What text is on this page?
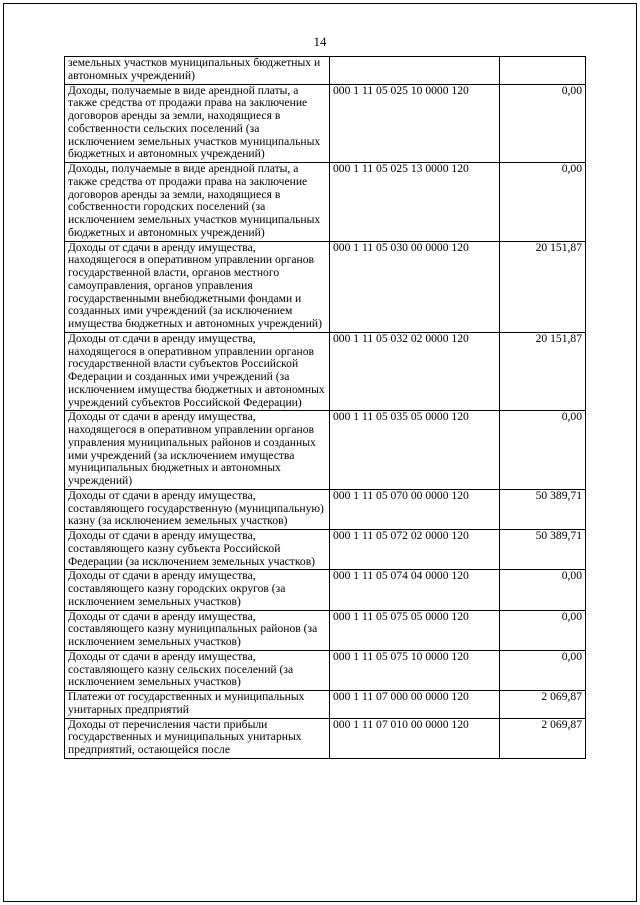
14
земельных участков муниципальных бюджетных и автономных учреждений)		
Доходы, получаемые в виде арендной платы, а также средства от продажи права на заключение договоров аренды за земли, находящиеся в собственности сельских поселений (за исключением земельных участков муниципальных бюджетных и автономных учреждений)	000 1 11 05 025 10 0000 120	0,00
Доходы, получаемые в виде арендной платы, а также средства от продажи права на заключение договоров аренды за земли, находящиеся в собственности городских поселений (за исключением земельных участков муниципальных бюджетных и автономных учреждений)	000 1 11 05 025 13 0000 120	0,00
Доходы от сдачи в аренду имущества, находящегося в оперативном управлении органов государственной власти, органов местного самоуправления, органов управления государственными внебюджетными фондами и созданных ими учреждений (за исключением имущества бюджетных и автономных учреждений)	000 1 11 05 030 00 0000 120	20 151,87
Доходы от сдачи в аренду имущества, находящегося в оперативном управлении органов государственной власти субъектов Российской Федерации и созданных ими учреждений (за исключением имущества бюджетных и автономных учреждений субъектов Российской Федерации)	000 1 11 05 032 02 0000 120	20 151,87
Доходы от сдачи в аренду имущества, находящегося в оперативном управлении органов управления муниципальных районов и созданных ими учреждений (за исключением имущества муниципальных бюджетных и автономных учреждений)	000 1 11 05 035 05 0000 120	0,00
Доходы от сдачи в аренду имущества, составляющего государственную (муниципальную) казну (за исключением земельных участков)	000 1 11 05 070 00 0000 120	50 389,71
Доходы от сдачи в аренду имущества, составляющего казну субъекта Российской Федерации (за исключением земельных участков)	000 1 11 05 072 02 0000 120	50 389,71
Доходы от сдачи в аренду имущества, составляющего казну городских округов (за исключением земельных участков)	000 1 11 05 074 04 0000 120	0,00
Доходы от сдачи в аренду имущества, составляющего казну муниципальных районов (за исключением земельных участков)	000 1 11 05 075 05 0000 120	0,00
Доходы от сдачи в аренду имущества, составляющего казну сельских поселений (за исключением земельных участков)	000 1 11 05 075 10 0000 120	0,00
Платежи от государственных и муниципальных унитарных предприятий	000 1 11 07 000 00 0000 120	2 069,87
Доходы от перечисления части прибыли государственных и муниципальных унитарных предприятий, остающейся после	000 1 11 07 010 00 0000 120	2 069,87
